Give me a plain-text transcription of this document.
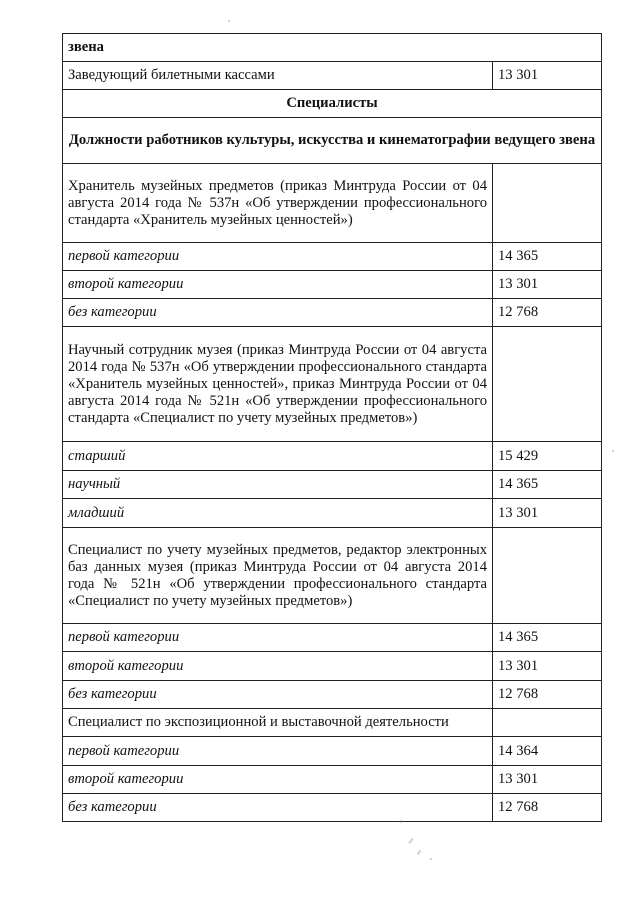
звена	
Заведующий билетными кассами	13 301
Специалисты	
Должности работников культуры, искусства и кинематографии ведущего звена	
Хранитель музейных предметов (приказ Минтруда России от 04 августа 2014 года № 537н «Об утверждении профессионального стандарта «Хранитель музейных ценностей»)	
первой категории	14 365
второй категории	13 301
без категории	12 768
Научный сотрудник музея (приказ Минтруда России от 04 августа 2014 года № 537н «Об утверждении профессионального стандарта «Хранитель музейных ценностей», приказ Минтруда России от 04 августа 2014 года № 521н «Об утверждении профессионального стандарта «Специалист по учету музейных предметов»)	
старший	15 429
научный	14 365
младший	13 301
Специалист по учету музейных предметов, редактор электронных баз данных музея (приказ Минтруда России от 04 августа 2014 года № 521н «Об утверждении профессионального стандарта «Специалист по учету музейных предметов»)	
первой категории	14 365
второй категории	13 301
без категории	12 768
Специалист по экспозиционной и выставочной деятельности	
первой категории	14 364
второй категории	13 301
без категории	12 768
